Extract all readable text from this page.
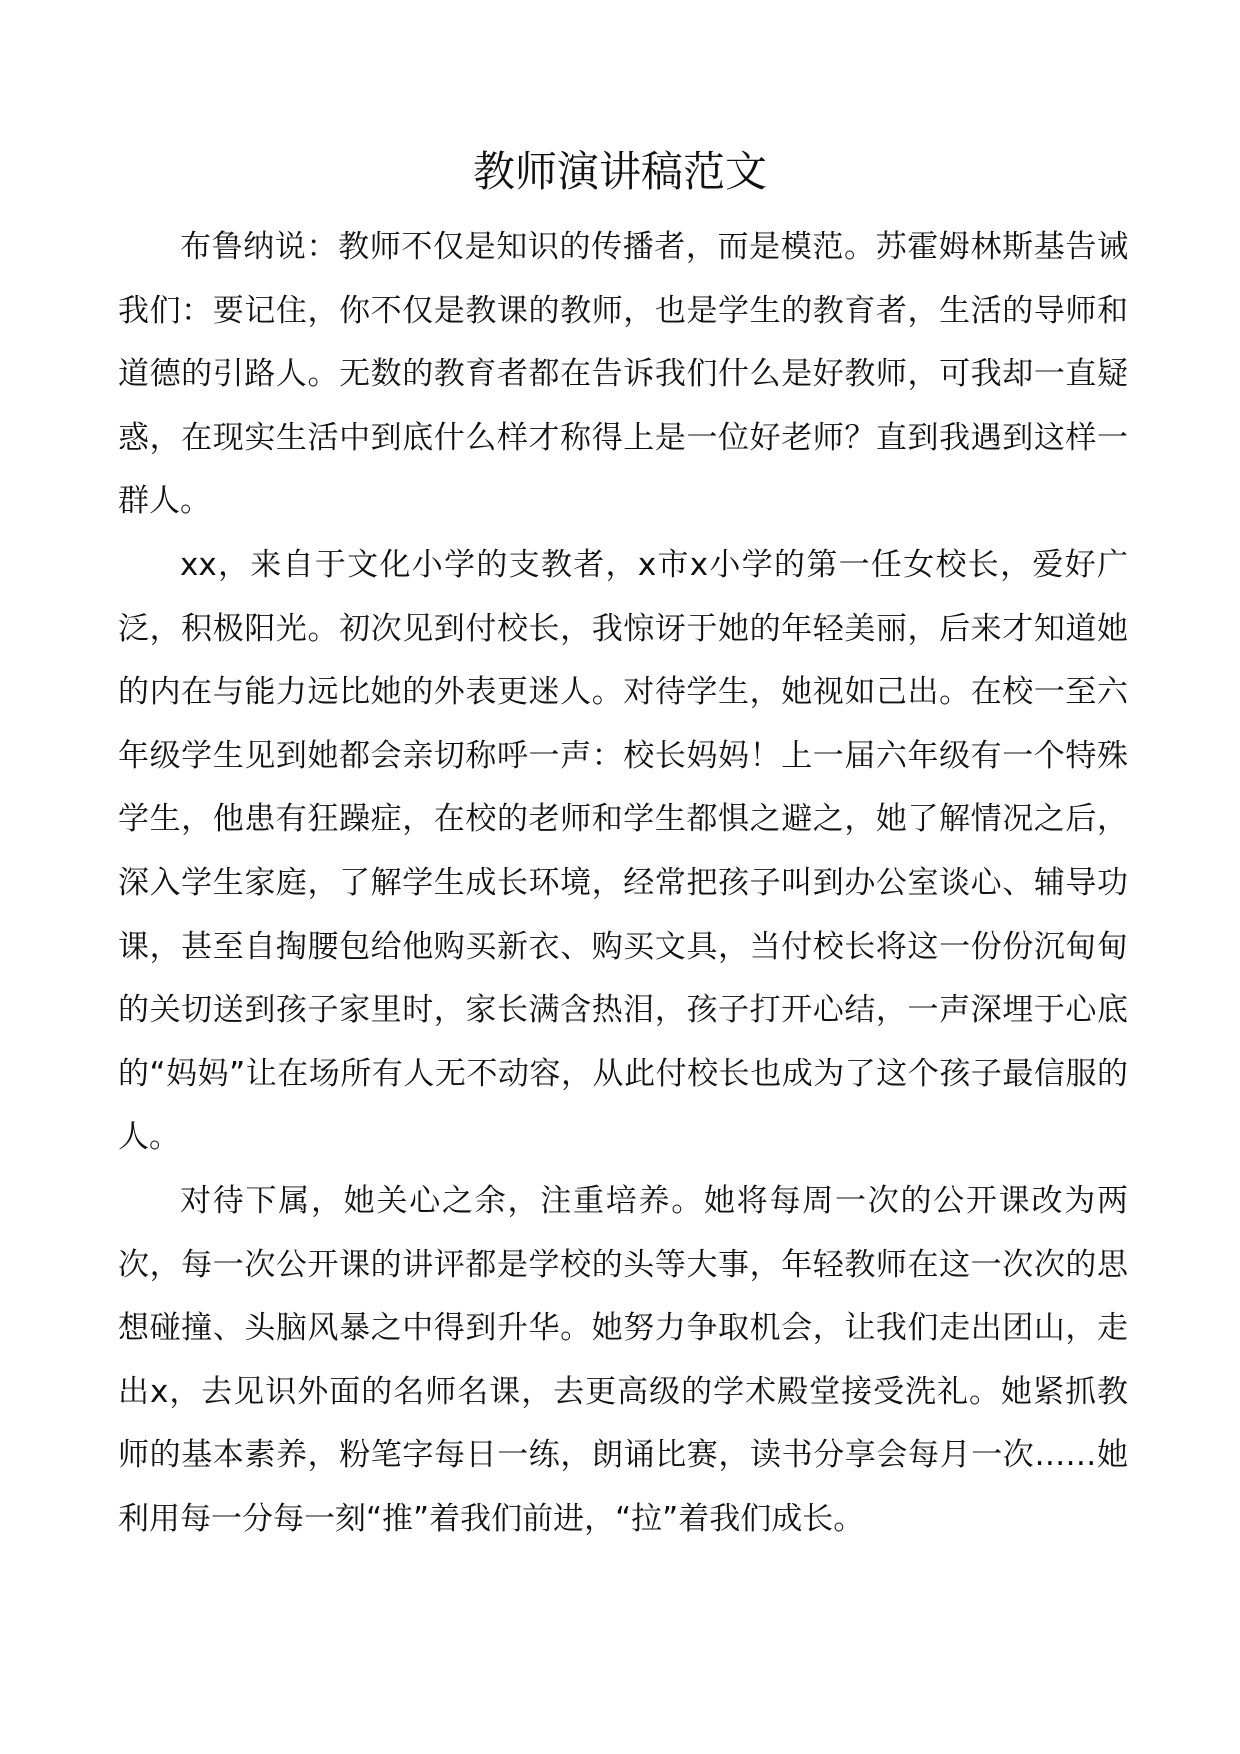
教师演讲稿范文

布鲁纳说：教师不仅是知识的传播者，而是模范。苏霍姆林斯基告诫我们：要记住，你不仅是教课的教师，也是学生的教育者，生活的导师和道德的引路人。无数的教育者都在告诉我们什么是好教师，可我却一直疑惑，在现实生活中到底什么样才称得上是一位好老师？直到我遇到这样一群人。

xx，来自于文化小学的支教者，x市x小学的第一任女校长，爱好广泛，积极阳光。初次见到付校长，我惊讶于她的年轻美丽，后来才知道她的内在与能力远比她的外表更迷人。对待学生，她视如己出。在校一至六年级学生见到她都会亲切称呼一声：校长妈妈！上一届六年级有一个特殊学生，他患有狂躁症，在校的老师和学生都惧之避之，她了解情况之后，深入学生家庭，了解学生成长环境，经常把孩子叫到办公室谈心、辅导功课，甚至自掏腰包给他购买新衣、购买文具，当付校长将这一份份沉甸甸的关切送到孩子家里时，家长满含热泪，孩子打开心结，一声深埋于心底的“妈妈”让在场所有人无不动容，从此付校长也成为了这个孩子最信服的人。

对待下属，她关心之余，注重培养。她将每周一次的公开课改为两次，每一次公开课的讲评都是学校的头等大事，年轻教师在这一次次的思想碰撞、头脑风暴之中得到升华。她努力争取机会，让我们走出团山，走出x，去见识外面的名师名课，去更高级的学术殿堂接受洗礼。她紧抓教师的基本素养，粉笔字每日一练，朗诵比赛，读书分享会每月一次……她利用每一分每一刻“推”着我们前进，“拉”着我们成长。
